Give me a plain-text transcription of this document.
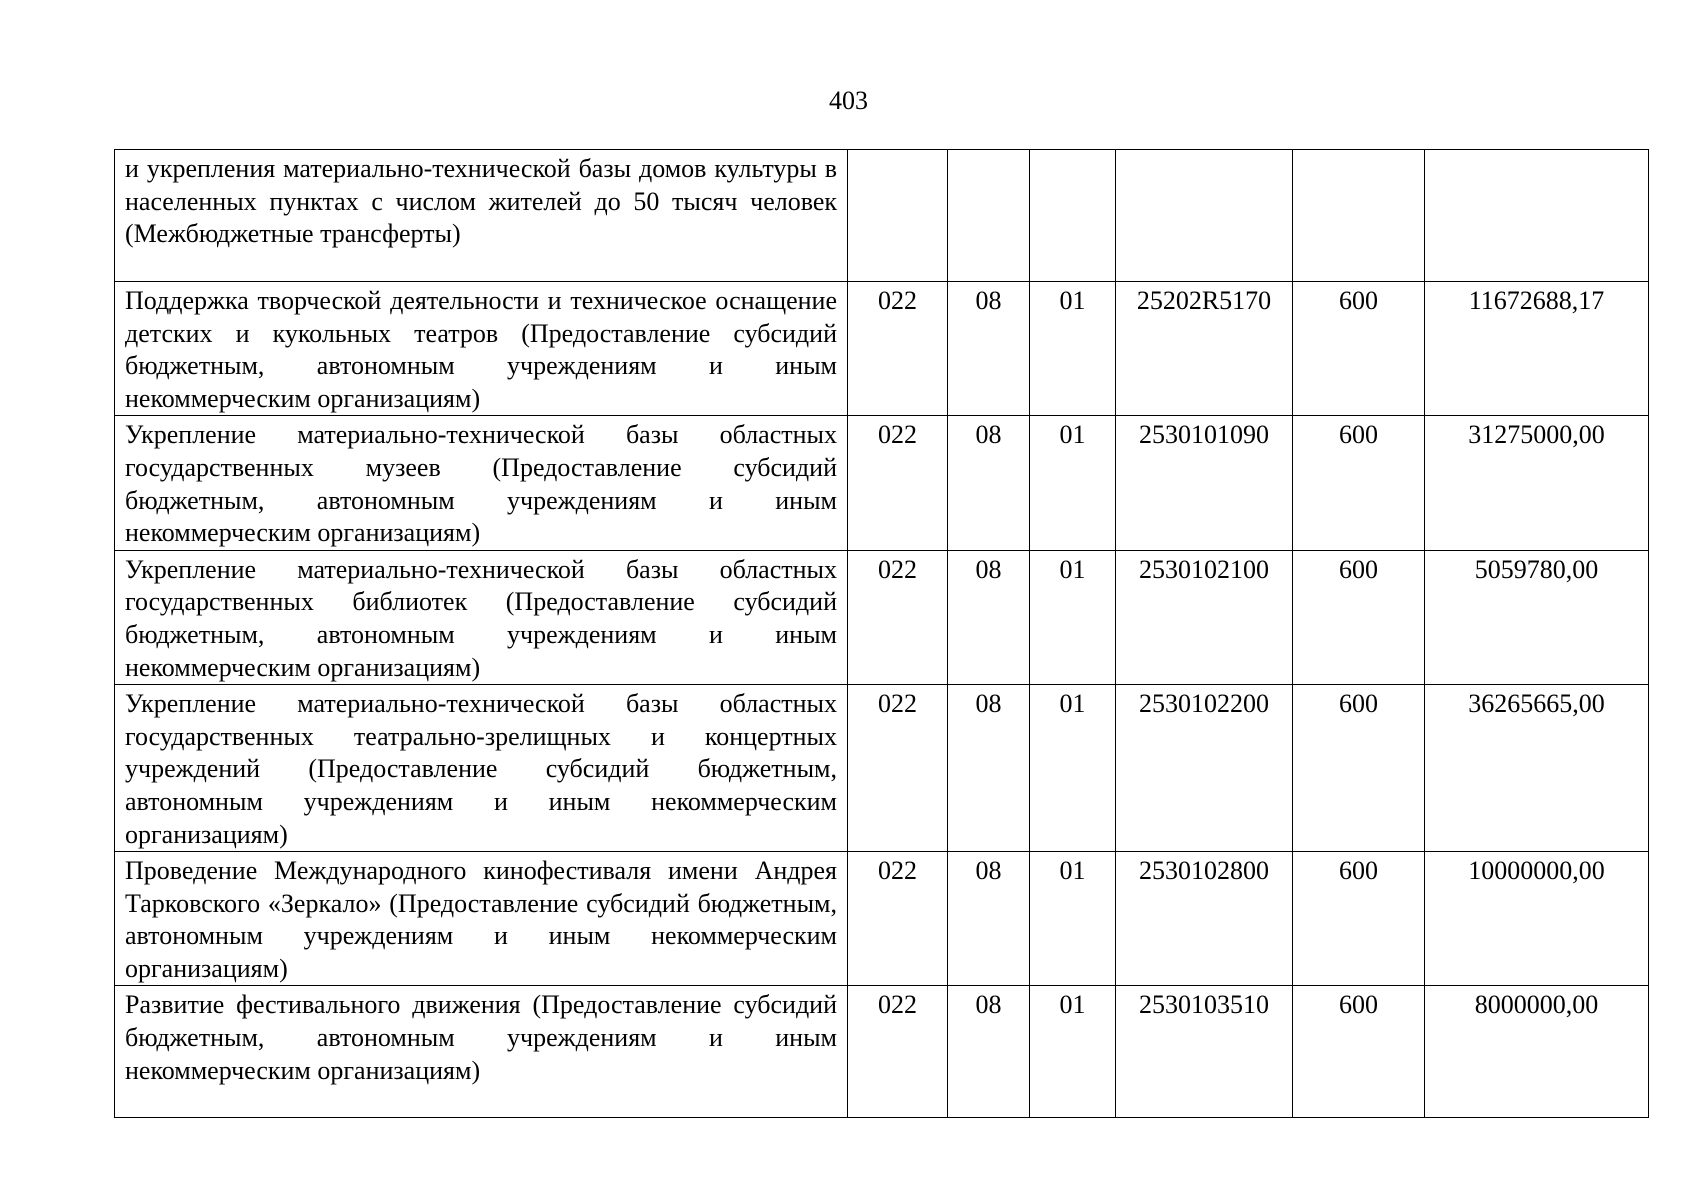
403
и укрепления материально-технической базы домов культуры в населенных пунктах с числом жителей до 50 тысяч человек (Межбюджетные трансферты)						
Поддержка творческой деятельности и техническое оснащение детских и кукольных театров (Предоставление субсидий бюджетным, автономным учреждениям и иным некоммерческим организациям)	022	08	01	25202R5170	600	11672688,17
Укрепление материально-технической базы областных государственных музеев (Предоставление субсидий бюджетным, автономным учреждениям и иным некоммерческим организациям)	022	08	01	2530101090	600	31275000,00
Укрепление материально-технической базы областных государственных библиотек (Предоставление субсидий бюджетным, автономным учреждениям и иным некоммерческим организациям)	022	08	01	2530102100	600	5059780,00
Укрепление материально-технической базы областных государственных театрально-зрелищных и концертных учреждений (Предоставление субсидий бюджетным, автономным учреждениям и иным некоммерческим организациям)	022	08	01	2530102200	600	36265665,00
Проведение Международного кинофестиваля имени Андрея Тарковского «Зеркало» (Предоставление субсидий бюджетным, автономным учреждениям и иным некоммерческим организациям)	022	08	01	2530102800	600	10000000,00
Развитие фестивального движения (Предоставление субсидий бюджетным, автономным учреждениям и иным некоммерческим организациям)	022	08	01	2530103510	600	8000000,00
